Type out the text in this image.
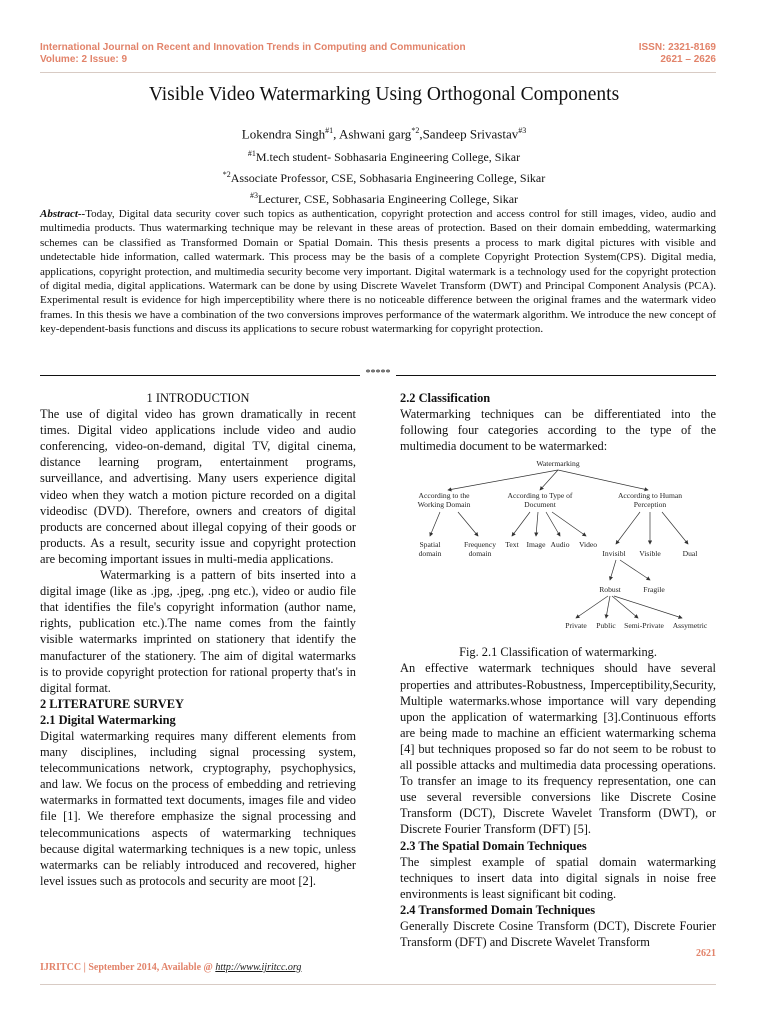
International Journal on Recent and Innovation Trends in Computing and Communication
Volume: 2 Issue: 9
ISSN: 2321-8169
2621 – 2626
Visible Video Watermarking Using Orthogonal Components
Lokendra Singh$^{\#1}$, Ashwani garg$^{*2}$,Sandeep Srivastav$^{\#3}$
$^{\#1}$M.tech student- Sobhasaria Engineering College, Sikar
$^{*2}$Associate Professor, CSE, Sobhasaria Engineering College, Sikar
$^{\#3}$Lecturer, CSE, Sobhasaria Engineering College, Sikar
Abstract--Today, Digital data security cover such topics as authentication, copyright protection and access control for still images, video, audio and multimedia products. Thus watermarking technique may be relevant in these areas of protection. Based on their domain embedding, watermarking schemes can be classified as Transformed Domain or Spatial Domain. This thesis presents a process to mark digital pictures with visible and undetectable hide information, called watermark. This process may be the basis of a complete Copyright Protection System(CPS). Digital media, applications, copyright protection, and multimedia security become very important. Digital watermark is a technology used for the copyright protection of digital media, digital applications. Watermark can be done by using Discrete Wavelet Transform (DWT) and Principal Component Analysis (PCA). Experimental result is evidence for high imperceptibility where there is no noticeable difference between the original frames and the watermark video frames. In this thesis we have a combination of the two conversions improves performance of the watermark algorithm. We introduce the new concept of key-dependent-basis functions and discuss its applications to secure robust watermarking for copyright protection.
*****

1 INTRODUCTION

The use of digital video has grown dramatically in recent times. Digital video applications include video and audio conferencing, video-on-demand, digital TV, digital cinema, distance learning program, entertainment programs, surveillance, and advertising. Many users experience digital video when they watch a motion picture recorded on a digital videodisc (DVD). Therefore, owners and creators of digital products are concerned about illegal copying of their goods or products. As a result, security issue and copyright protection are becoming important issues in multi-media applications.

Watermarking is a pattern of bits inserted into a digital image (like as .jpg, .jpeg, .png etc.), video or audio file that identifies the file's copyright information (author name, rights, publication etc.).The name comes from the faintly visible watermarks imprinted on stationery that identify the manufacturer of the stationery. The aim of digital watermarks is to provide copyright protection for rational property that's in digital format.

2 LITERATURE SURVEY

2.1 Digital Watermarking

Digital watermarking requires many different elements from many disciplines, including signal processing system, telecommunications network, cryptography, psychophysics, and law. We focus on the process of embedding and retrieving watermarks in formatted text documents, images file and video file [1]. We therefore emphasize the signal processing and telecommunications aspects of watermarking techniques because digital watermarking techniques is a new topic, unless watermarks can be reliably introduced and recovered, higher level issues such as protocols and security are moot [2].

2.2 Classification

Watermarking techniques can be differentiated into the following four categories according to the type of the multimedia document to be watermarked:

Watermarking
According to the
Working Domain
According to Type of
Document
According to Human
Perception
Spatial
domain
Frequency
domain
Text Image Audio Video
Invisibl Visible	Dual
Robust	Fragile
Private Public Semi-Private Assymetric

Fig. 2.1 Classification of watermarking.

An effective watermark techniques should have several properties and attributes-Robustness, Imperceptibility,Security, Multiple watermarks.whose importance will vary depending upon the application of watermarking [3].Continuous efforts are being made to machine an efficient watermarking schema [4] but techniques proposed so far do not seem to be robust to all possible attacks and multimedia data processing operations. To transfer an image to its frequency representation, one can use several reversible conversions like Discrete Cosine Transform (DCT), Discrete Wavelet Transform (DWT), or Discrete Fourier Transform (DFT) [5].

2.3 The Spatial Domain Techniques

The simplest example of spatial domain watermarking techniques to insert data into digital signals in noise free environments is least significant bit coding.

2.4 Transformed Domain Techniques

Generally Discrete Cosine Transform (DCT), Discrete Fourier Transform (DFT) and Discrete Wavelet Transform

2621
IJRITCC | September 2014, Available @ http://www.ijritcc.org
